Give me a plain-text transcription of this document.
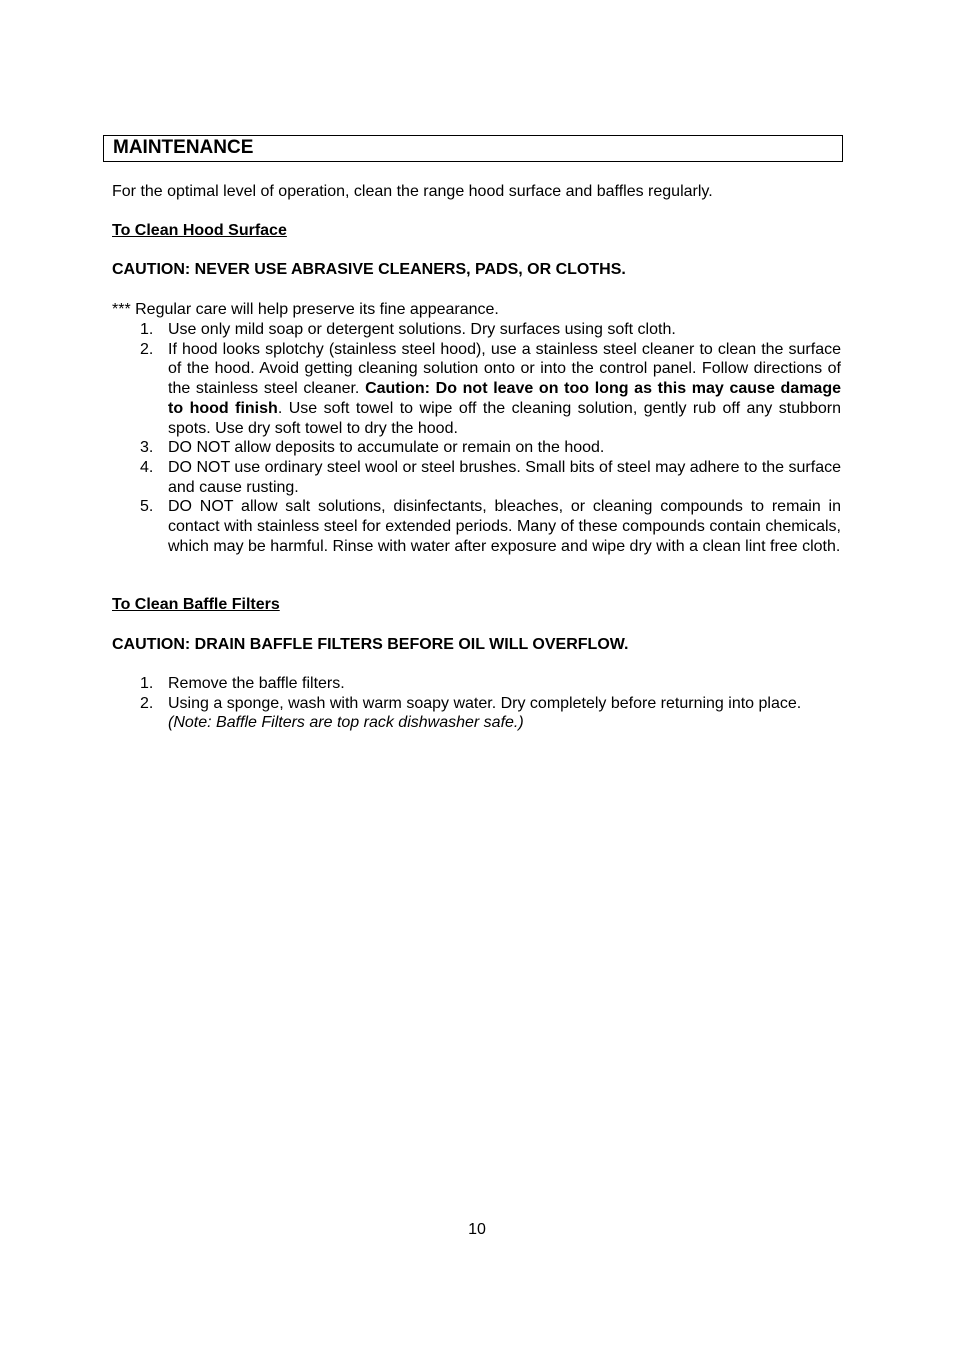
MAINTENANCE
For the optimal level of operation, clean the range hood surface and baffles regularly.
To Clean Hood Surface
CAUTION: NEVER USE ABRASIVE CLEANERS, PADS, OR CLOTHS.
*** Regular care will help preserve its fine appearance.
1. Use only mild soap or detergent solutions. Dry surfaces using soft cloth.
2. If hood looks splotchy (stainless steel hood), use a stainless steel cleaner to clean the surface of the hood. Avoid getting cleaning solution onto or into the control panel. Follow directions of the stainless steel cleaner. Caution: Do not leave on too long as this may cause damage to hood finish. Use soft towel to wipe off the cleaning solution, gently rub off any stubborn spots. Use dry soft towel to dry the hood.
3. DO NOT allow deposits to accumulate or remain on the hood.
4. DO NOT use ordinary steel wool or steel brushes. Small bits of steel may adhere to the surface and cause rusting.
5. DO NOT allow salt solutions, disinfectants, bleaches, or cleaning compounds to remain in contact with stainless steel for extended periods. Many of these compounds contain chemicals, which may be harmful. Rinse with water after exposure and wipe dry with a clean lint free cloth.
To Clean Baffle Filters
CAUTION: DRAIN BAFFLE FILTERS BEFORE OIL WILL OVERFLOW.
1. Remove the baffle filters.
2. Using a sponge, wash with warm soapy water. Dry completely before returning into place.
(Note: Baffle Filters are top rack dishwasher safe.)
10
